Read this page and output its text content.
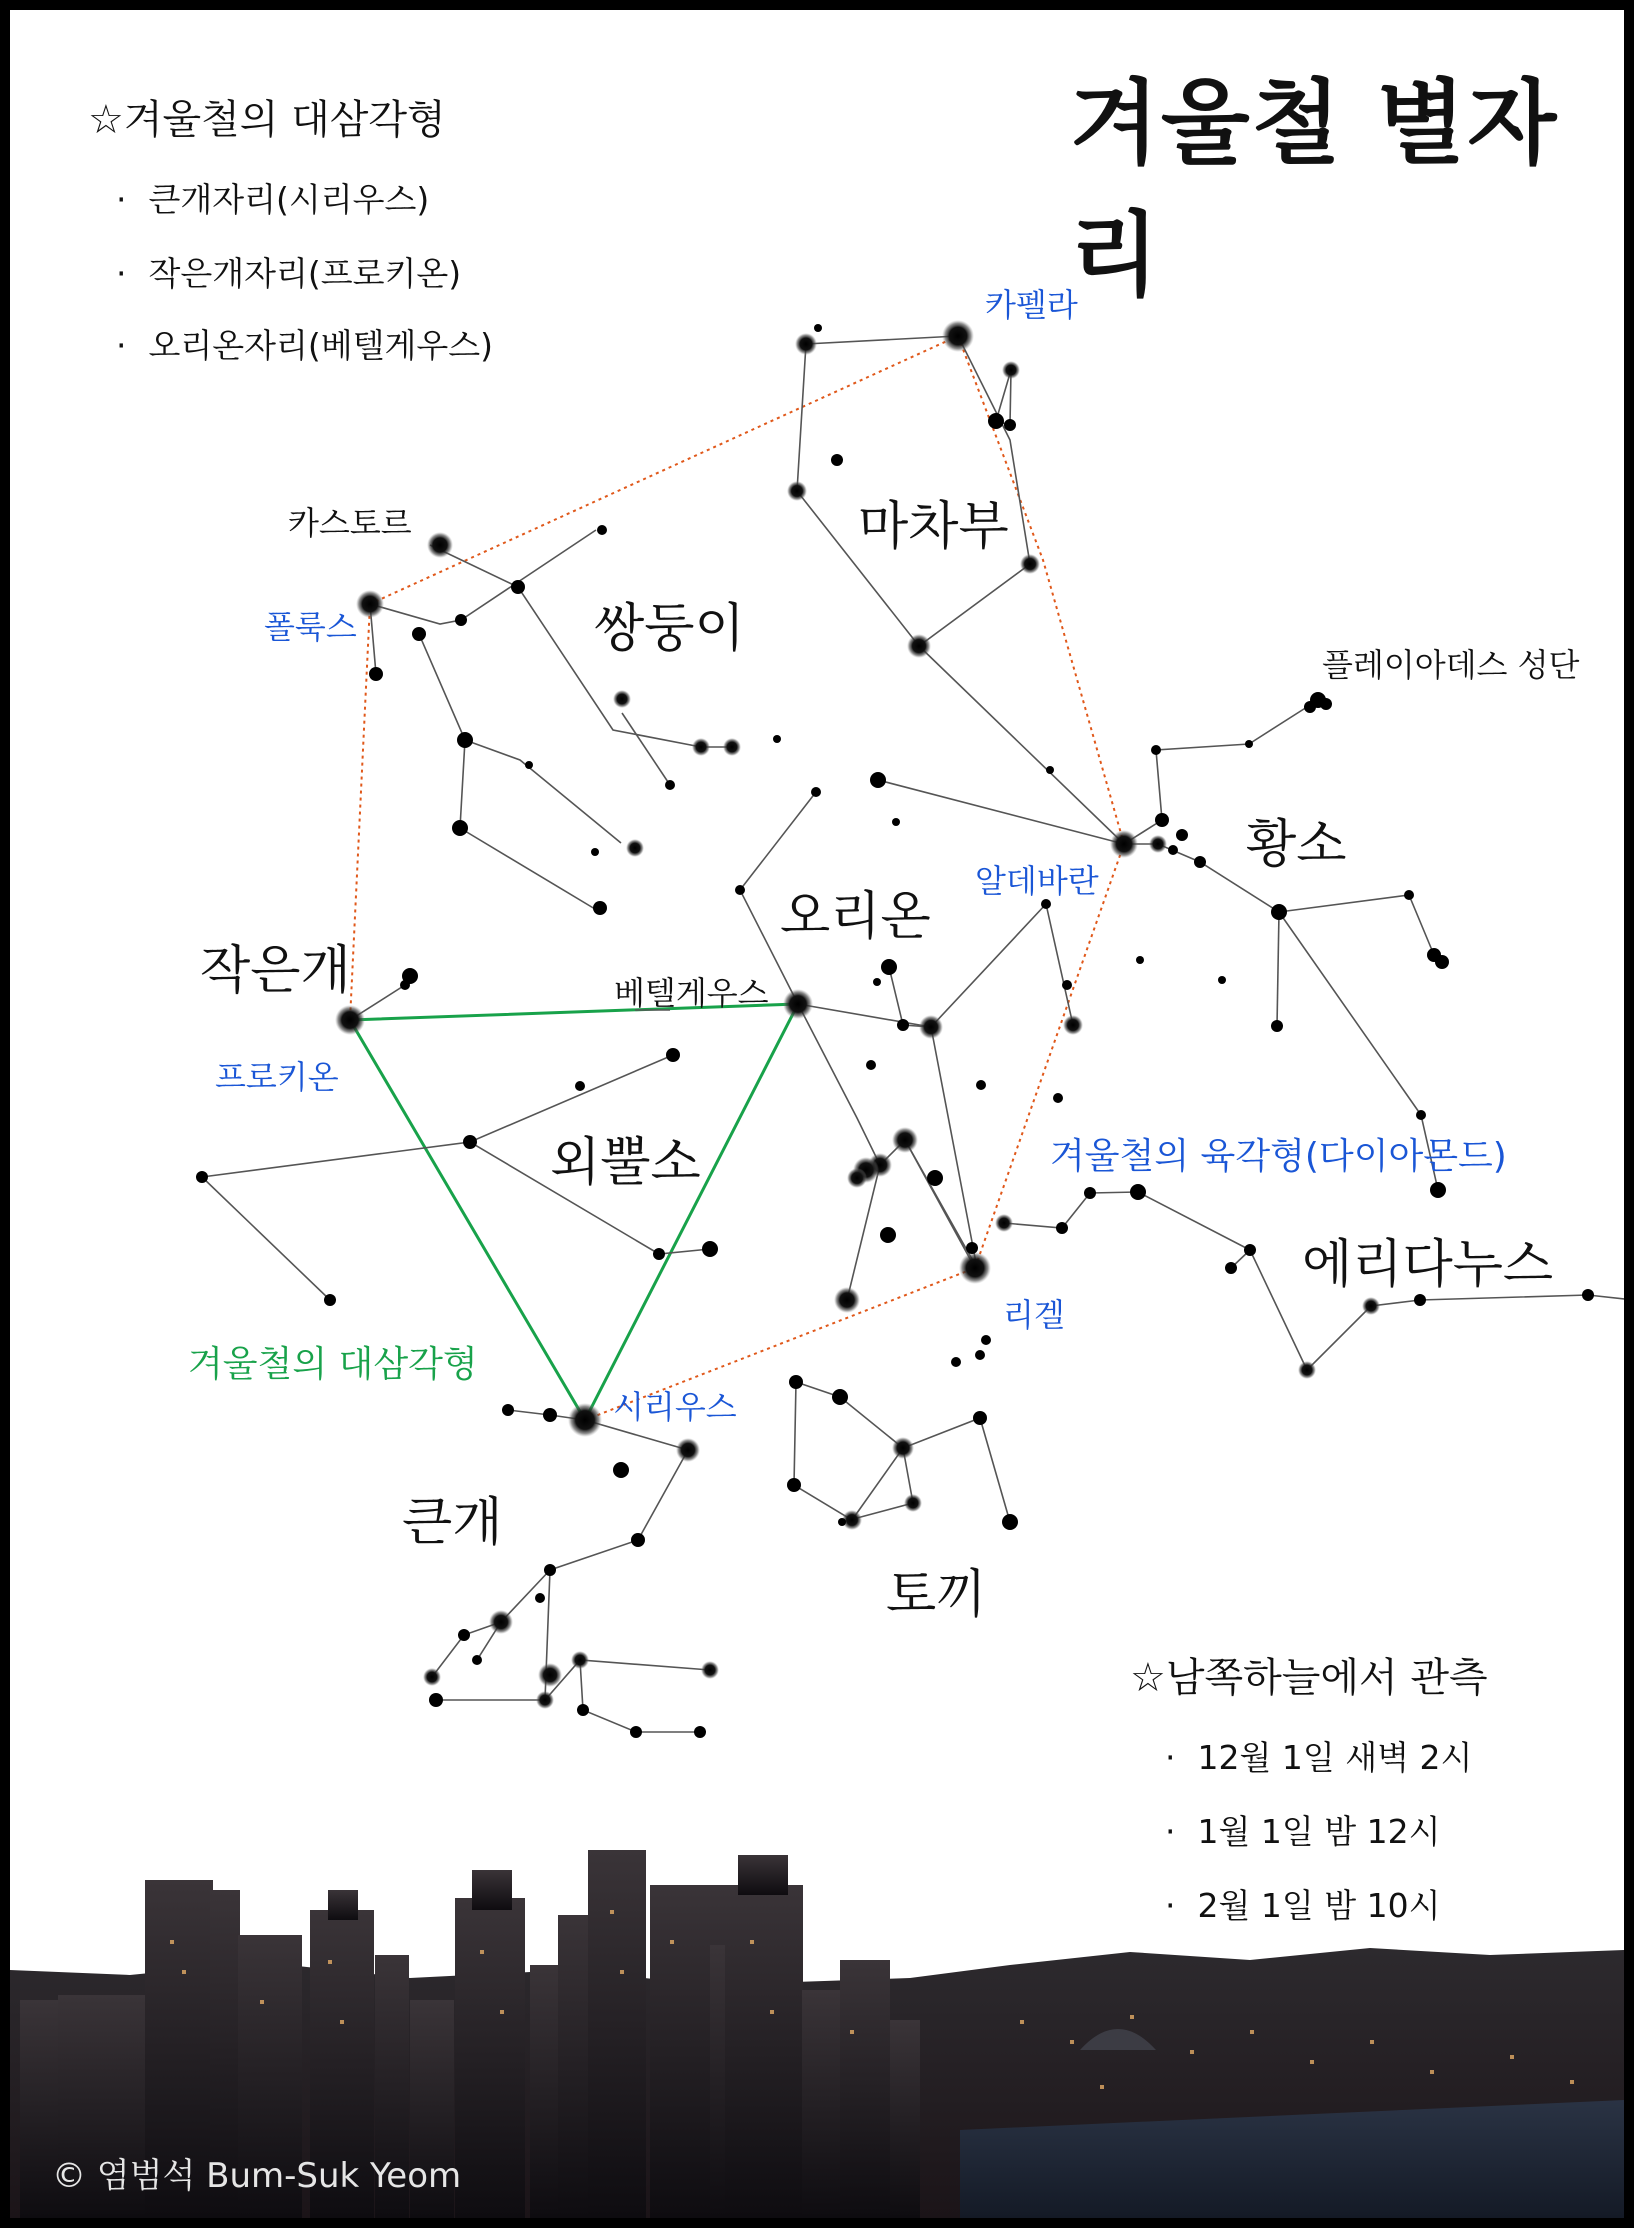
겨울철 별자리
☆겨울철의 대삼각형
· 큰개자리(시리우스)
· 작은개자리(프로키온)
· 오리온자리(베텔게우스)
☆남쪽하늘에서 관측
· 12월 1일 새벽 2시
· 1월 1일 밤 12시
· 2월 1일 밤 10시
마차부
쌍둥이
황소
오리온
작은개
외뿔소
에리다누스
큰개
토끼
카펠라
카스토르
폴룩스
플레이아데스 성단
알데바란
베텔게우스
프로키온
리겔
시리우스
겨울철의 대삼각형
겨울철의 육각형(다이아몬드)
© 염범석 Bum-Suk Yeom
